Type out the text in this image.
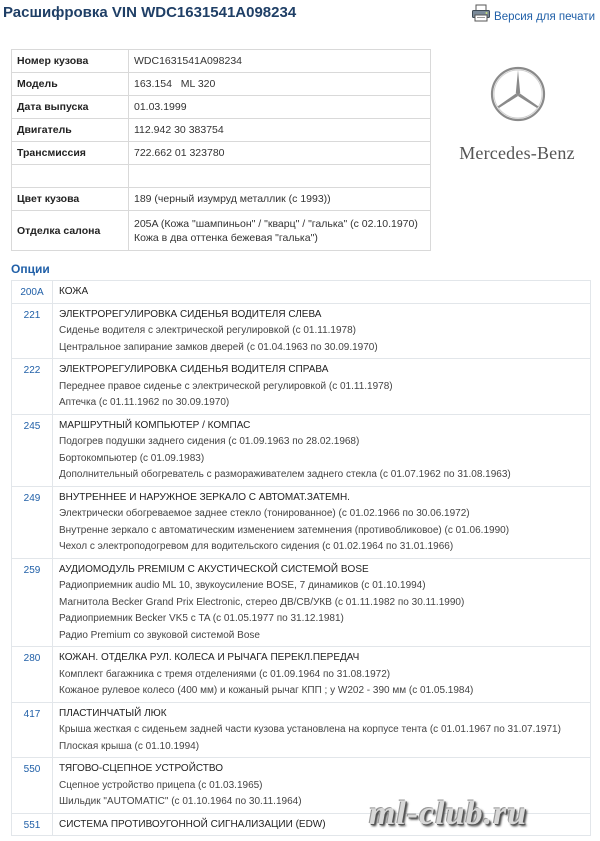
Расшифровка VIN WDC1631541A098234	Версия для печати
Номер кузова	WDC1631541A098234
Модель	163.154   ML 320
Дата выпуска	01.03.1999
Двигатель	112.942 30 383754
Трансмиссия	722.662 01 323780

Цвет кузова	189 (черный изумруд металлик (с 1993))
Отделка салона	205A (Кожа "шампиньон" / "кварц" / "галька" (с 02.10.1970) Кожа в два оттенка бежевая "галька")
Mercedes-Benz
Опции
200A	КОЖА

221	ЭЛЕКТРОРЕГУЛИРОВКА СИДЕНЬЯ ВОДИТЕЛЯ СЛЕВА
Сиденье водителя с электрической регулировкой (с 01.11.1978)
Центральное запирание замков дверей (с 01.04.1963 по 30.09.1970)

222	ЭЛЕКТРОРЕГУЛИРОВКА СИДЕНЬЯ ВОДИТЕЛЯ СПРАВА
Переднее правое сиденье с электрической регулировкой (с 01.11.1978)
Аптечка (с 01.11.1962 по 30.09.1970)

245	МАРШРУТНЫЙ КОМПЬЮТЕР / КОМПАС
Подогрев подушки заднего сидения (с 01.09.1963 по 28.02.1968)
Бортокомпьютер (с 01.09.1983)
Дополнительный обогреватель с размораживателем заднего стекла (с 01.07.1962 по 31.08.1963)

249	ВНУТРЕННЕЕ И НАРУЖНОЕ ЗЕРКАЛО С АВТОМАТ.ЗАТЕМН.
Электрически обогреваемое заднее стекло (тонированное) (с 01.02.1966 по 30.06.1972)
Внутренне зеркало с автоматическим изменением затемнения (противобликовое) (с 01.06.1990)
Чехол с электроподогревом для водительского сидения (с 01.02.1964 по 31.01.1966)

259	АУДИОМОДУЛЬ PREMIUM С АКУСТИЧЕСКОЙ СИСТЕМОЙ BOSE
Радиоприемник audio ML 10, звукоусиление BOSE, 7 динамиков (с 01.10.1994)
Магнитола Becker Grand Prix Electronic, стерео ДВ/СВ/УКВ (с 01.11.1982 по 30.11.1990)
Радиоприемник Becker VK5 с TA (с 01.05.1977 по 31.12.1981)
Радио Premium со звуковой системой Bose

280	КОЖАН. ОТДЕЛКА РУЛ. КОЛЕСА И РЫЧАГА ПЕРЕКЛ.ПЕРЕДАЧ
Комплект багажника с тремя отделениями (с 01.09.1964 по 31.08.1972)
Кожаное рулевое колесо (400 мм) и кожаный рычаг КПП ; у W202 - 390 мм (с 01.05.1984)

417	ПЛАСТИНЧАТЫЙ ЛЮК
Крыша жесткая с сиденьем задней части кузова установлена на корпусе тента (с 01.01.1967 по 31.07.1971)
Плоская крыша (с 01.10.1994)

550	ТЯГОВО-СЦЕПНОЕ УСТРОЙСТВО
Сцепное устройство прицепа (с 01.03.1965)
Шильдик "AUTOMATIC" (с 01.10.1964 по 30.11.1964)

551	СИСТЕМА ПРОТИВОУГОННОЙ СИГНАЛИЗАЦИИ (EDW)	ml-club.ru
